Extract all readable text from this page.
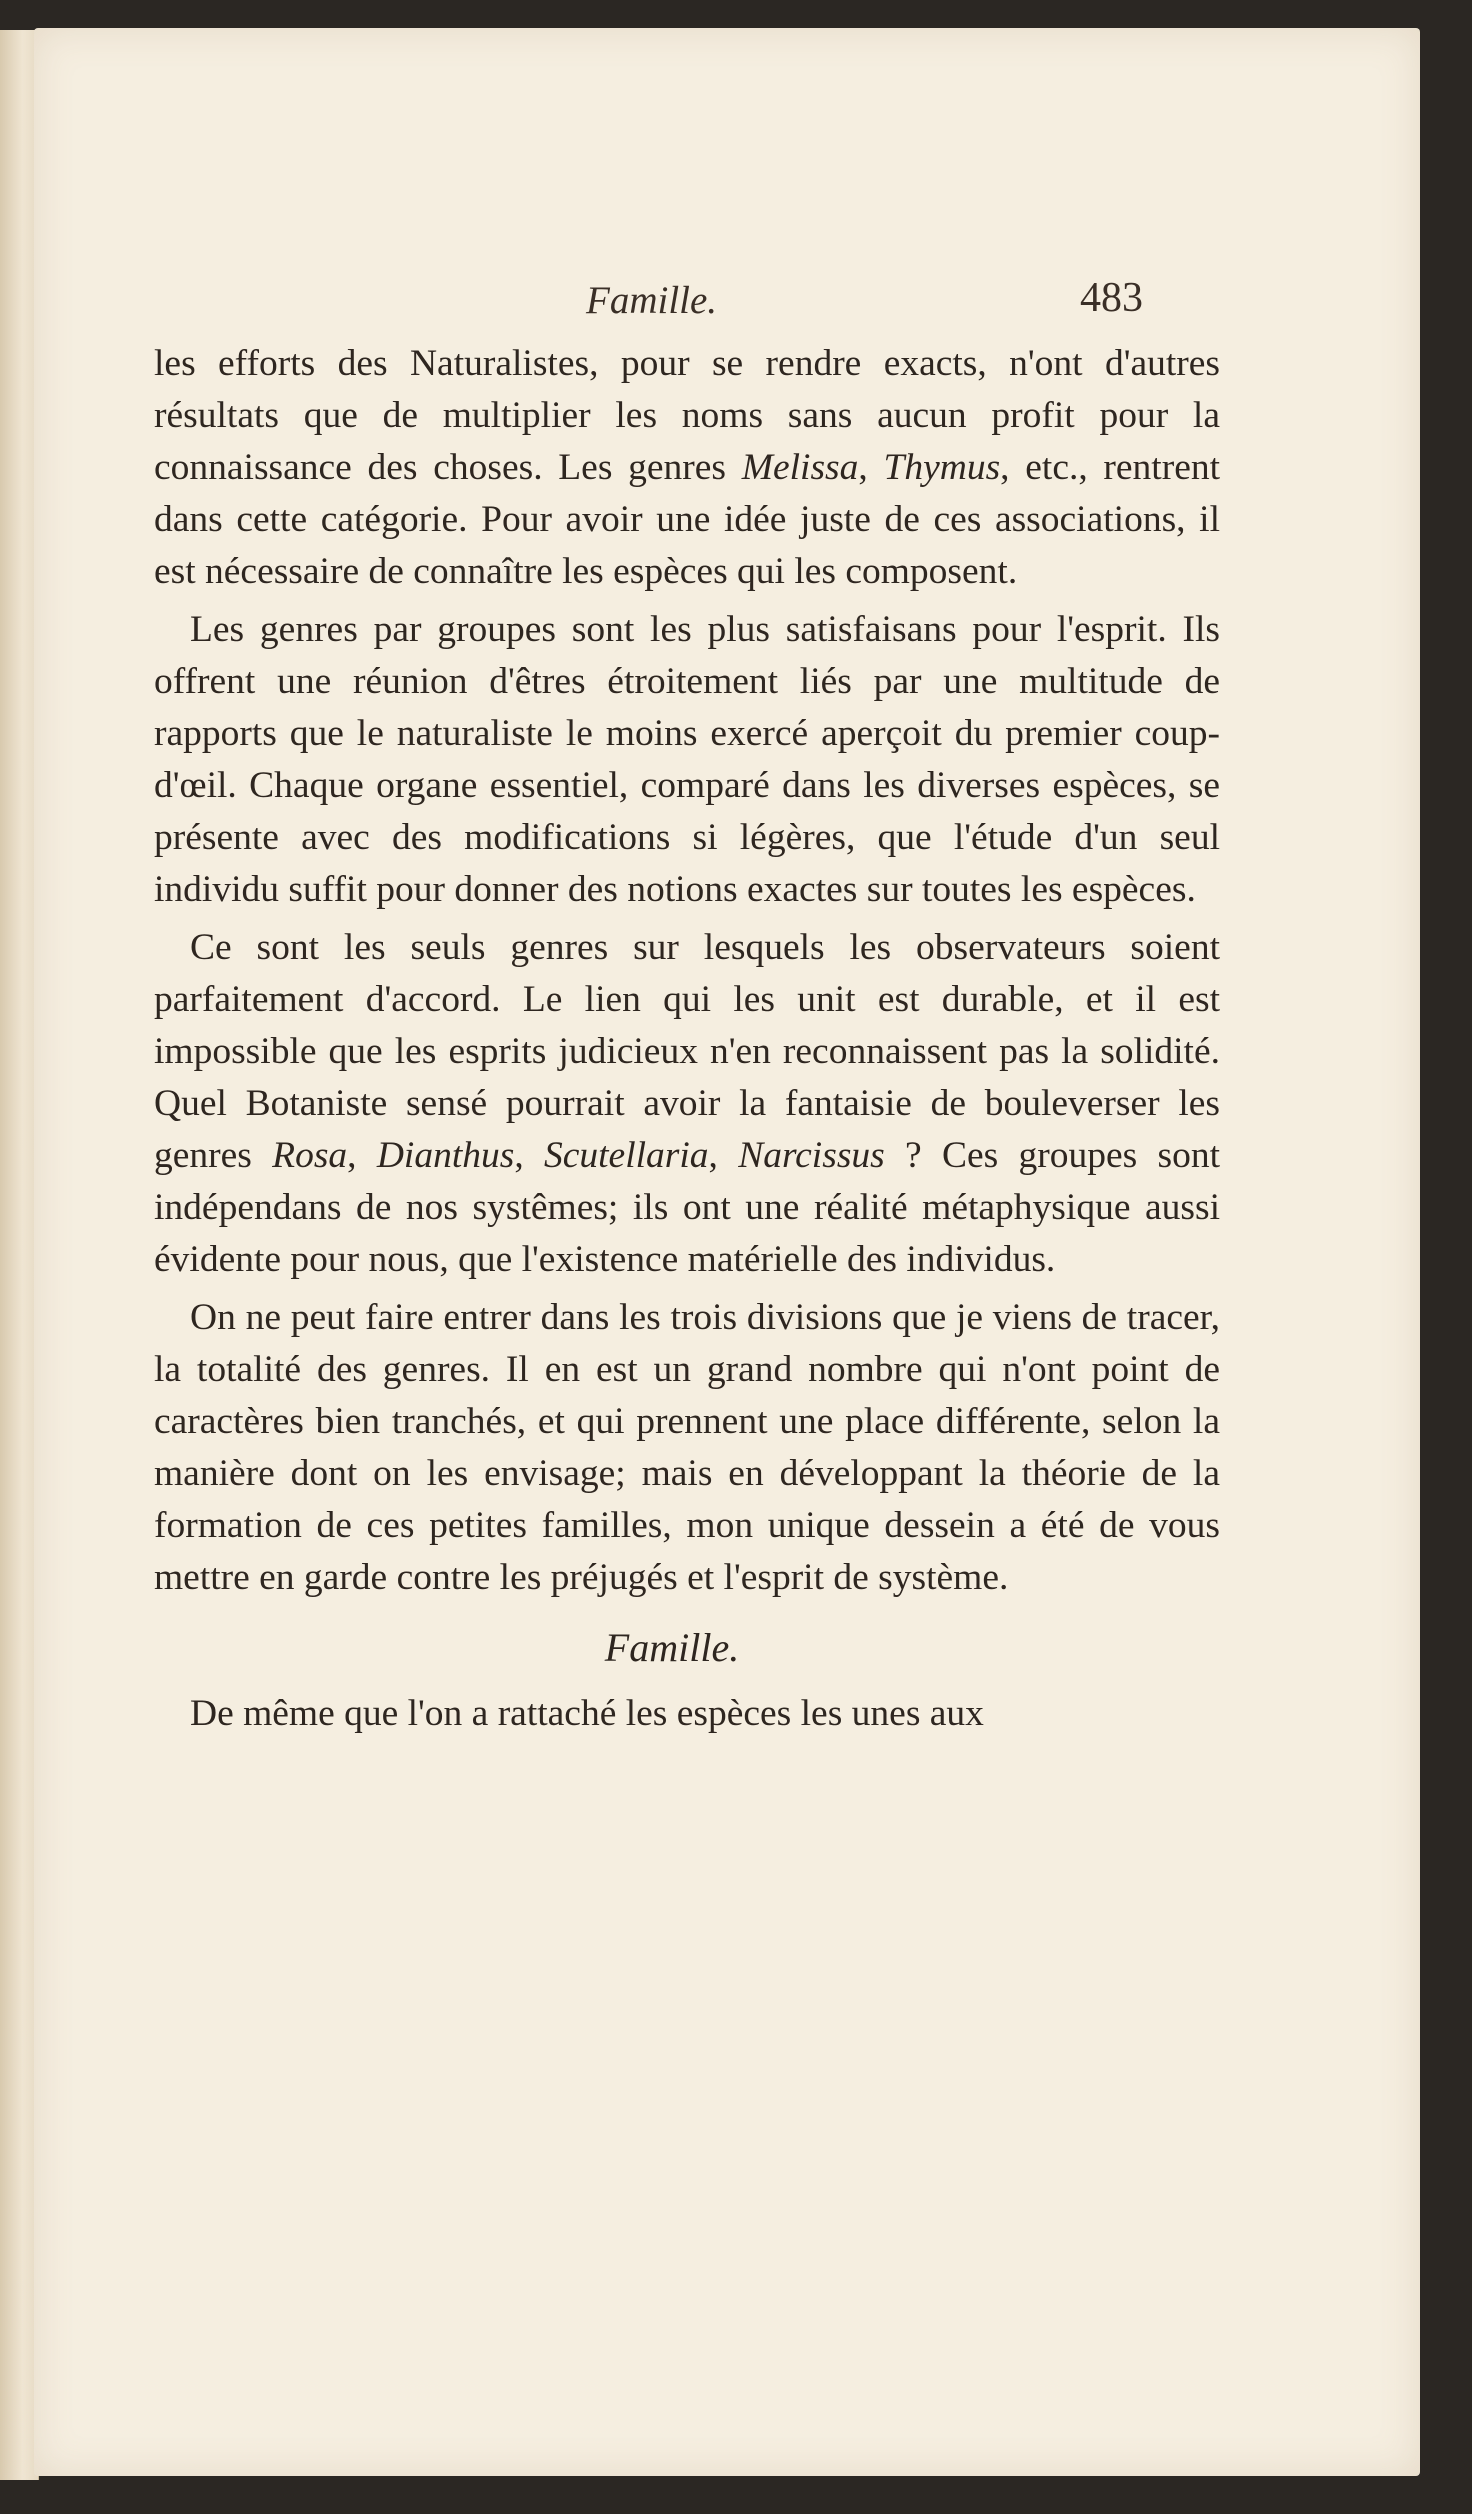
Famille.	483

les efforts des Naturalistes, pour se rendre exacts, n'ont d'autres résultats que de multiplier les noms sans aucun profit pour la connaissance des choses. Les genres Melissa, Thymus, etc., rentrent dans cette catégorie. Pour avoir une idée juste de ces associations, il est nécessaire de connaître les espèces qui les composent.

Les genres par groupes sont les plus satisfaisans pour l'esprit. Ils offrent une réunion d'êtres étroitement liés par une multitude de rapports que le naturaliste le moins exercé aperçoit du premier coup-d'œil. Chaque organe essentiel, comparé dans les diverses espèces, se présente avec des modifications si légères, que l'étude d'un seul individu suffit pour donner des notions exactes sur toutes les espèces.

Ce sont les seuls genres sur lesquels les observateurs soient parfaitement d'accord. Le lien qui les unit est durable, et il est impossible que les esprits judicieux n'en reconnaissent pas la solidité. Quel Botaniste sensé pourrait avoir la fantaisie de bouleverser les genres Rosa, Dianthus, Scutellaria, Narcissus ? Ces groupes sont indépendans de nos systêmes; ils ont une réalité métaphysique aussi évidente pour nous, que l'existence matérielle des individus.

On ne peut faire entrer dans les trois divisions que je viens de tracer, la totalité des genres. Il en est un grand nombre qui n'ont point de caractères bien tranchés, et qui prennent une place différente, selon la manière dont on les envisage; mais en développant la théorie de la formation de ces petites familles, mon unique dessein a été de vous mettre en garde contre les préjugés et l'esprit de système.

Famille.

De même que l'on a rattaché les espèces les unes aux
